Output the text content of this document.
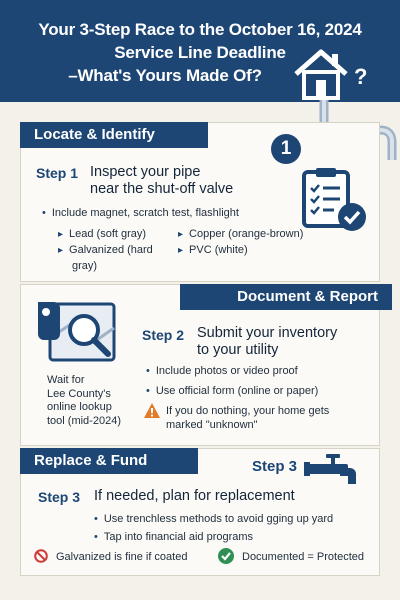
Your 3-Step Race to the October 16, 2024
Service Line Deadline
–What's Yours Made Of?	?
Locate & Identify
1
Step 1 Inspect your pipe
near the shut-off valve
• Include magnet, scratch test, flashlight
▸ Lead (soft gray)	▸ Copper (orange-brown)
▸ Galvanized (hard	▸ PVC (white)
gray)
Document & Report
Wait for
Lee County's
online lookup
tool (mid-2024)
Step 2 Submit your inventory
to your utility
• Include photos or video proof
• Use official form (online or paper)
If you do nothing, your home gets
marked "unknown"
Replace & Fund	Step 3
Step 3 If needed, plan for replacement
• Use trenchless methods to avoid gging up yard
• Tap into financial aid programs
Galvanized is fine if coated	Documented = Protected
